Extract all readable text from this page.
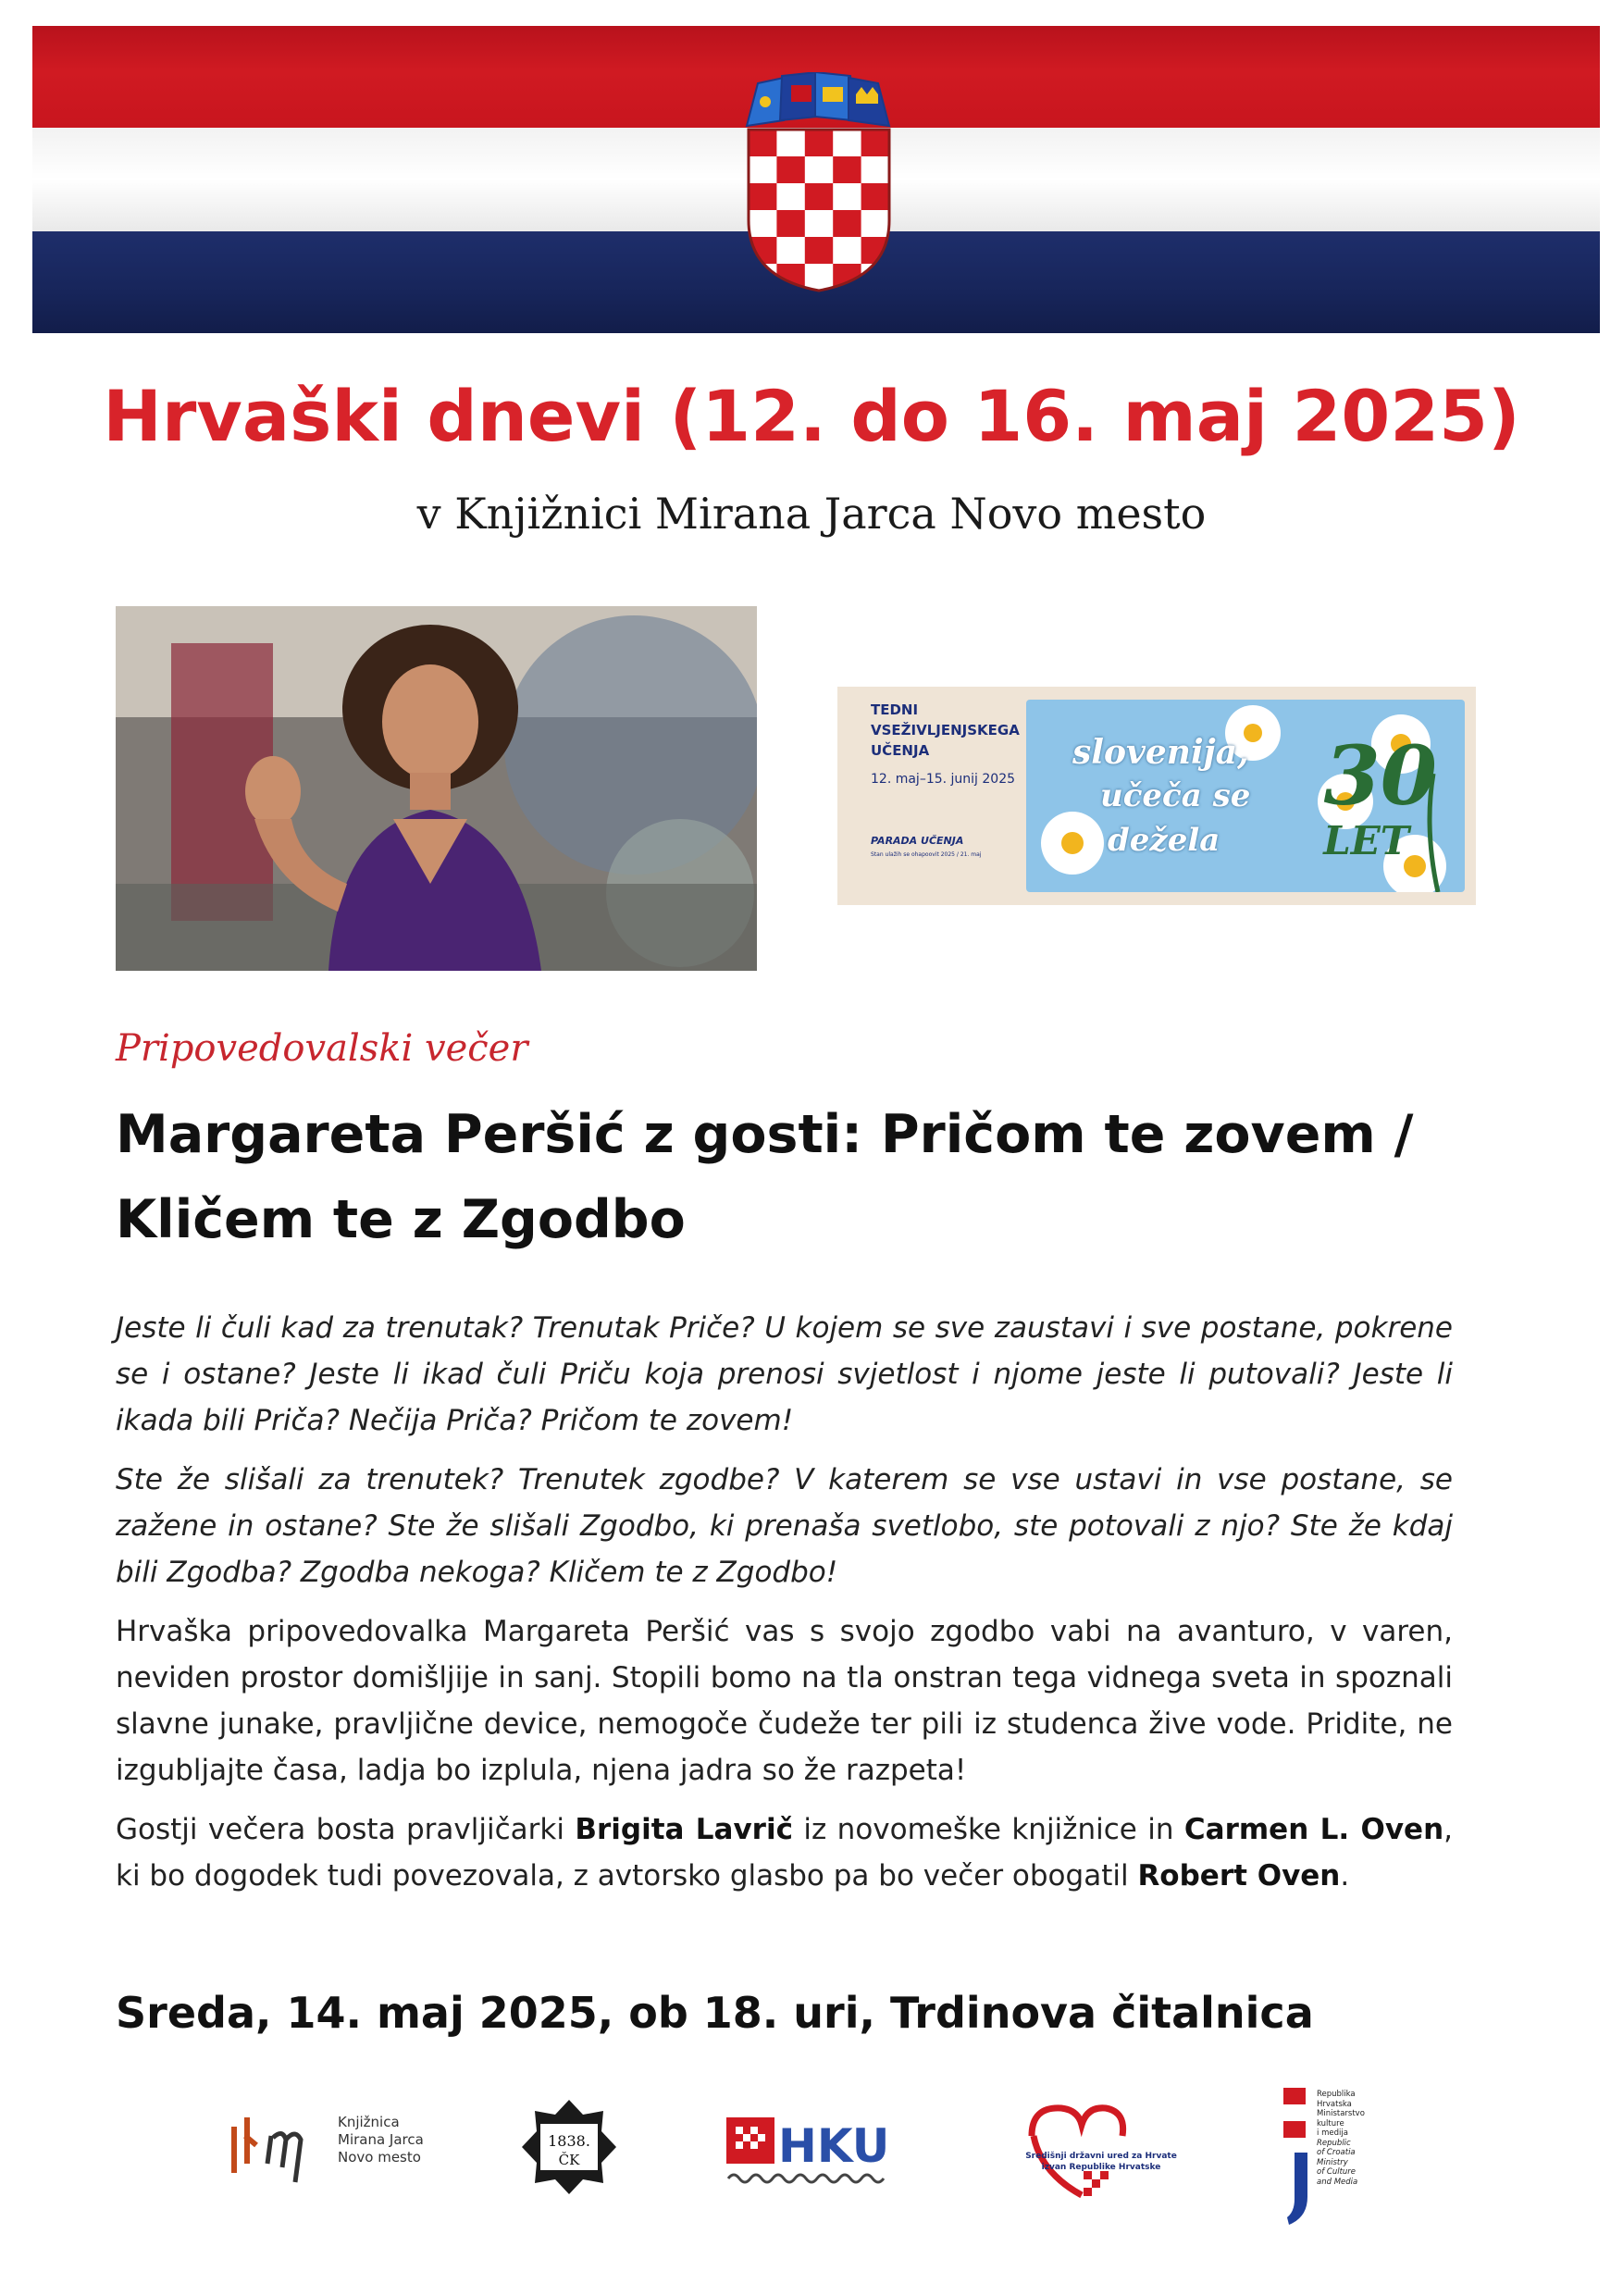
Hrvaški dnevi (12. do 16. maj 2025)
v Knjižnici Mirana Jarca Novo mesto
TEDNI
VSEŽIVLJENJSKEGA
UČENJA
12. maj–15. junij 2025
PARADA UČENJA
Stan ulažih se ohapoovit 2025 / 21. maj
slovenija,
učeča se
dežela
30
LET
Pripovedovalski večer
Margareta Peršić z gosti: Pričom te zovem / Kličem te z Zgodbo

Jeste li čuli kad za trenutak? Trenutak Priče? U kojem se sve zaustavi i sve postane, pokrene se i ostane? Jeste li ikad čuli Priču koja prenosi svjetlost i njome jeste li putovali? Jeste li ikada bili Priča? Nečija Priča? Pričom te zovem!

Ste že slišali za trenutek? Trenutek zgodbe? V katerem se vse ustavi in vse postane, se zažene in ostane? Ste že slišali Zgodbo, ki prenaša svetlobo, ste potovali z njo? Ste že kdaj bili Zgodba? Zgodba nekoga? Kličem te z Zgodbo!

Hrvaška pripovedovalka Margareta Peršić vas s svojo zgodbo vabi na avanturo, v varen, neviden prostor domišljije in sanj. Stopili bomo na tla onstran tega vidnega sveta in spoznali slavne junake, pravljične device, nemogoče čudeže ter pili iz studenca žive vode. Pridite, ne izgubljajte časa, ladja bo izplula, njena jadra so že razpeta!

Gostji večera bosta pravljičarki Brigita Lavrič iz novomeške knjižnice in Carmen L. Oven, ki bo dogodek tudi povezovala, z avtorsko glasbo pa bo večer obogatil Robert Oven.

Sreda, 14. maj 2025, ob 18. uri, Trdinova čitalnica
Knjižnica
Mirana Jarca
Novo mesto
1838.
ČK	HKU	Središnji državni ured za Hrvate
izvan Republike Hrvatske
Republika
Hrvatska
Ministarstvo
kulture
i medija
Republic
of Croatia
Ministry
of Culture
and Media
